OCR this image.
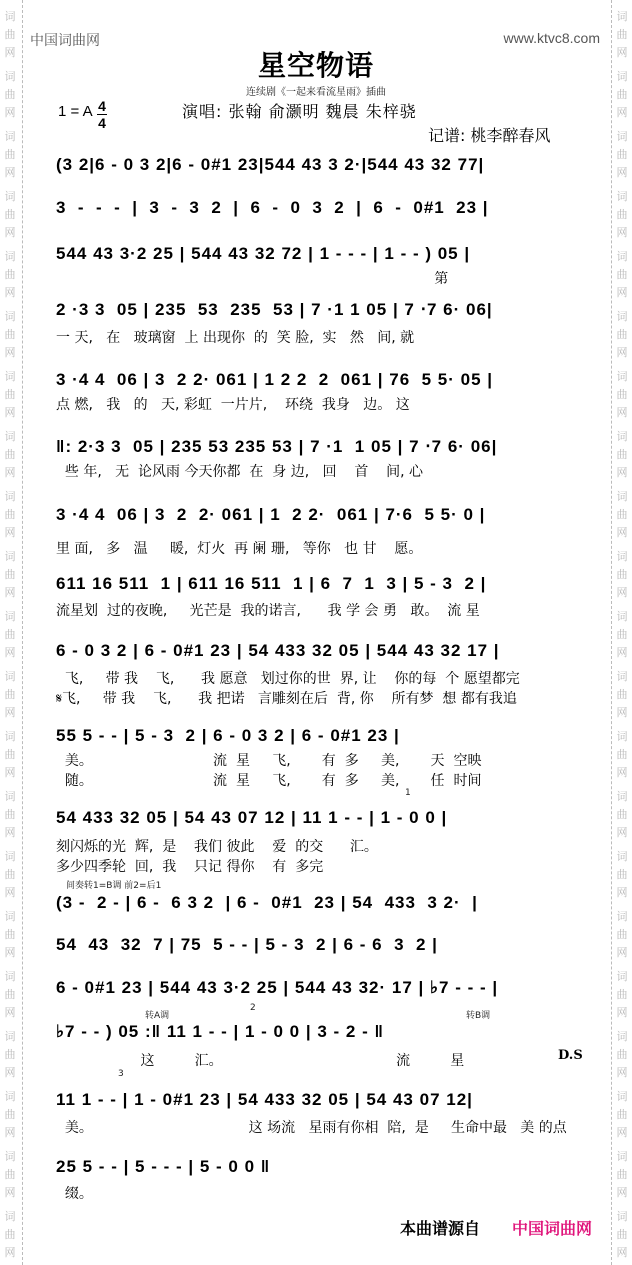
词
曲
网
词
曲
网
词
曲
网
词
曲
网
词
曲
网
词
曲
网
词
曲
网
词
曲
网
词
曲
网
词
曲
网
词
曲
网
词
曲
网
词
曲
网
词
曲
网
词
曲
网
词
曲
网
词
曲
网
词
曲
网
词
曲
网
词
曲
网
词
曲
网
词
曲
网
词
曲
网
词
曲
网
词
曲
网
词
曲
网
词
曲
网
词
曲
网
词
曲
网
词
曲
网
词
曲
网
词
曲
网
词
曲
网
词
曲
网
词
曲
网
词
曲
网
词
曲
网
词
曲
网
词
曲
网
词
曲
网
词
曲
网
词
曲
网
中国词曲网	www.ktvc8.com
星空物语
连续剧《一起来看流星雨》插曲
1 = A 4
4
演唱: 张翰 俞灏明 魏晨 朱梓骁
记谱: 桃李醉春风
(3 2|6 - 0 3 2|6 - 0#1 23|544 43 3 2·|544 43 32 77|
3  -  -  -  |  3  -  3  2  |  6  -  0  3  2  |  6  -  0#1  23 |
544 43 3·2 25 | 544 43 32 72 | 1 - - - | 1 - - ) 05 |
2 ·3 3  05 | 235  53  235  53 | 7 ·1 1 05 | 7 ‧7 6· 06|
3 ·4 4  06 | 3  2 2· 061 | 1 2 2  2  061 | 76  5 5· 05 |
‖: 2·3 3  05 | 235 53 235 53 | 7 ·1  1 05 | 7 ‧7 6· 06|
3 ·4 4  06 | 3  2  2· 061 | 1  2 2·  061 | 7·6  5 5· 0 |
611 16 511  1 | 611 16 511  1 | 6  7  1  3 | 5 - 3  2 |
6 - 0 3 2 | 6 - 0#1 23 | 54 433 32 05 | 544 43 32 17 |
55 5 - - | 5 - 3  2 | 6 - 0 3 2 | 6 - 0#1 23 |
54 433 32 05 | 54 43 07 12 | 11 1 - - | 1 - 0 0 |
(3 -  2 - | 6 -  6 3 2  | 6 -  0#1  23 | 54  433  3 2·  |
54  43  32  7 | 75  5 - - | 5 - 3  2 | 6 - 6  3  2 |
6 - 0#1 23 | 544 43 3·2 25 | 544 43 32· 17 | ♭7 - - - |
♭7 - - ) 05 :‖ 11 1 - - | 1 - 0 0 | 3 - 2 - ‖
11 1 - - | 1 - 0#1 23 | 54 433 32 05 | 54 43 07 12|
25 5 - - | 5 - - - | 5 - 0 0 ‖
第
一 天,   在   玻璃窗  上 出现你  的  笑 脸,  实   然   间, 就
点 燃,   我   的   天, 彩虹  一片片,    环绕  我身   边。 这
些 年,   无  论风雨 今天你都  在  身 边,   回    首    间, 心
里 面,   多   温     暖,  灯火  再 阑 珊,   等你   也 甘    愿。
流星划  过的夜晚,     光芒是  我的诺言,      我 学 会 勇   敢。  流 星
飞,     带 我    飞,      我 愿意   划过你的世  界, 让    你的每  个 愿望都完
𝄋飞,     带 我    飞,      我 把诺   言雕刻在后  背, 你    所有梦  想 都有我追
美。                           流  星     飞,       有  多     美,       天  空映
随。                           流  星     飞,       有  多     美,       任  时间
刻闪烁的光  辉,  是    我们 彼此    爱  的交      汇。
多少四季轮  回,  我    只记 得你    有  多完
这         汇。                                       流         星
美。                                   这 场流   星雨有你相  陪,  是     生命中最   美 的点
缀。
间奏转1=B调 前2=后1
转A调	转B调
1
2
3
D.S
本曲谱源自 中国词曲网
